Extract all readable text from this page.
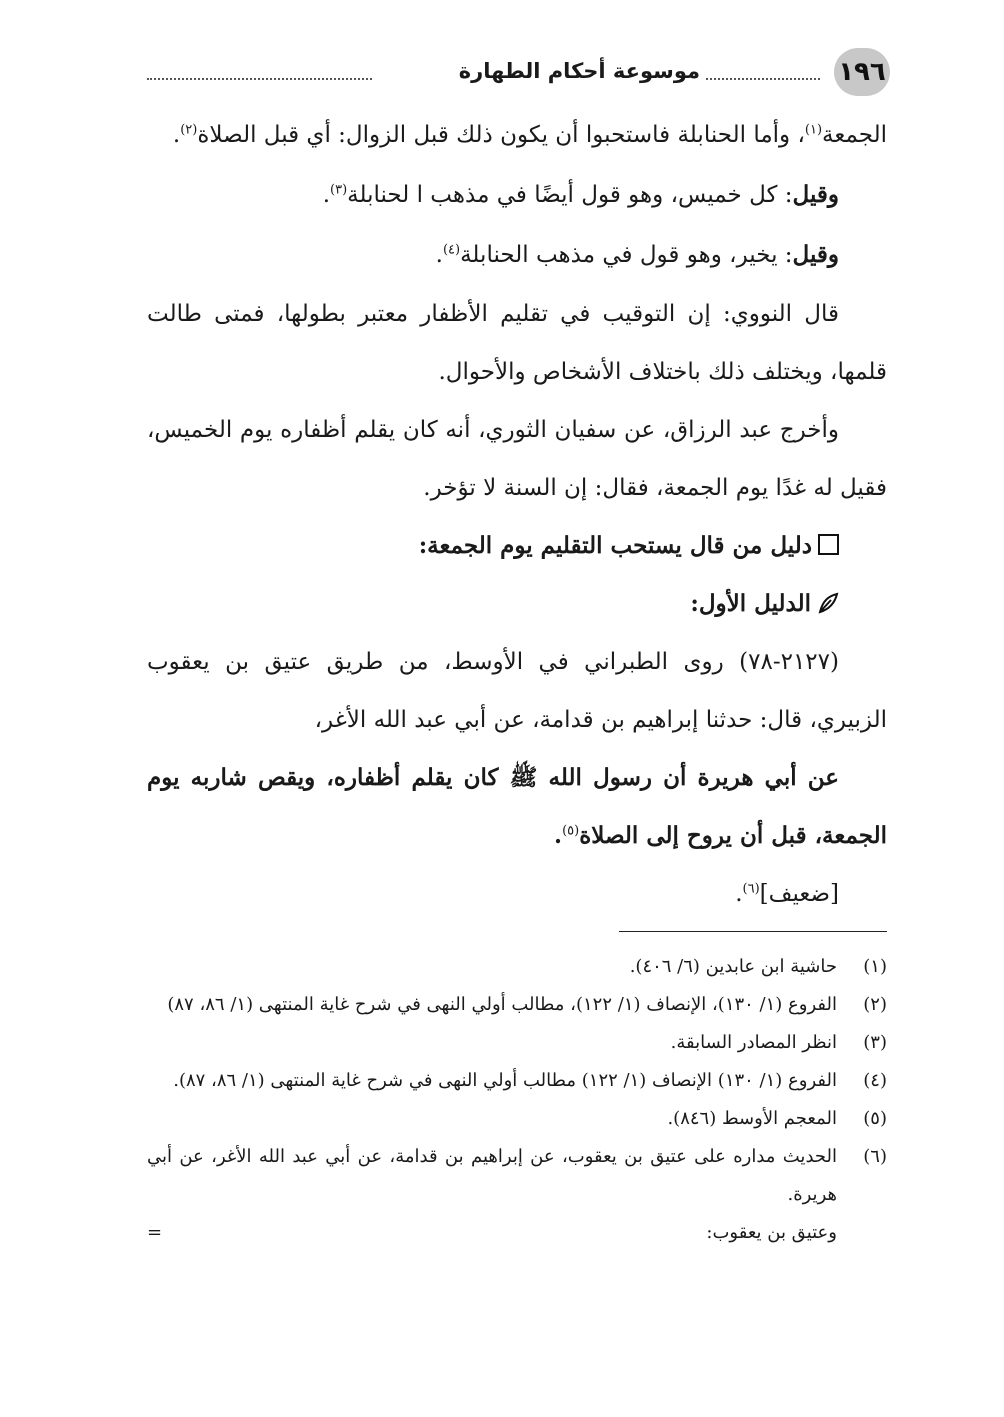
موسوعة أحكام الطهارة	١٩٦

الجمعة$^{(١)}$، وأما الحنابلة فاستحبوا أن يكون ذلك قبل الزوال: أي قبل الصلاة$^{(٢)}$.

وقيل: كل خميس، وهو قول أيضًا في مذهب ا لحنابلة$^{(٣)}$.

وقيل: يخير، وهو قول في مذهب الحنابلة$^{(٤)}$.

قال النووي: إن التوقيب في تقليم الأظفار معتبر بطولها، فمتى طالت قلمها، ويختلف ذلك باختلاف الأشخاص والأحوال.

وأخرج عبد الرزاق، عن سفيان الثوري، أنه كان يقلم أظفاره يوم الخميس، فقيل له غدًا يوم الجمعة، فقال: إن السنة لا تؤخر.

دليل من قال يستحب التقليم يوم الجمعة:

الدليل الأول:

(٢١٢٧-٧٨) روى الطبراني في الأوسط، من طريق عتيق بن يعقوب الزبيري، قال: حدثنا إبراهيم بن قدامة، عن أبي عبد الله الأغر،

عن أبي هريرة أن رسول الله ﷺ كان يقلم أظفاره، ويقص شاربه يوم الجمعة، قبل أن يروح إلى الصلاة$^{(٥)}$.

[ضعيف]$^{(٦)}$.

(١)
حاشية ابن عابدين (٦/ ٤٠٦).
(٢)
الفروع (١/ ١٣٠)، الإنصاف (١/ ١٢٢)، مطالب أولي النهى في شرح غاية المنتهى (١/ ٨٦، ٨٧)
(٣)
انظر المصادر السابقة.
(٤)
الفروع (١/ ١٣٠) الإنصاف (١/ ١٢٢) مطالب أولي النهى في شرح غاية المنتهى (١/ ٨٦، ٨٧).
(٥)
المعجم الأوسط (٨٤٦).
(٦)
الحديث مداره على عتيق بن يعقوب، عن إبراهيم بن قدامة، عن أبي عبد الله الأغر، عن أبي هريرة.
وعتيق بن يعقوب:
=
